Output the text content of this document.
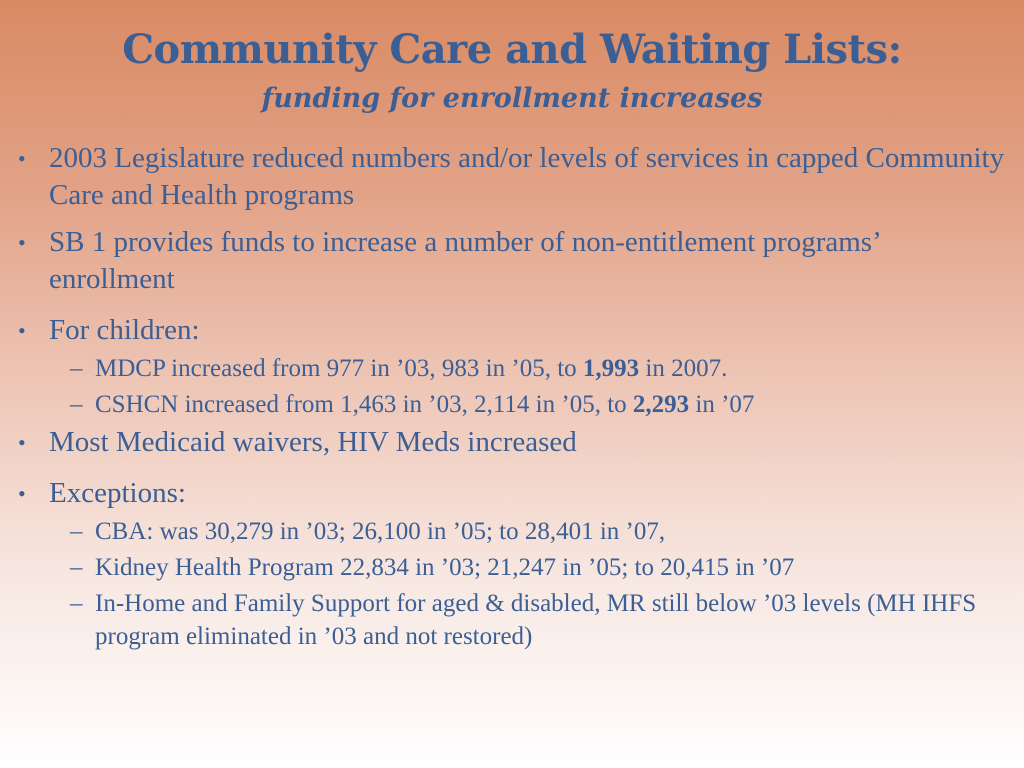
Community Care and Waiting Lists:
funding for enrollment increases
• 2003 Legislature reduced numbers and/or levels of services in capped Community Care and Health programs
• SB 1 provides funds to increase a number of non-entitlement programs’ enrollment
• For children:
– MDCP increased from 977 in ’03, 983 in ’05, to 1,993 in 2007.
– CSHCN increased from 1,463 in ’03, 2,114 in ’05, to 2,293 in ’07
• Most Medicaid waivers, HIV Meds increased
• Exceptions:
– CBA: was 30,279 in ’03; 26,100 in ’05; to 28,401 in ’07,
– Kidney Health Program 22,834 in ’03; 21,247 in ’05; to 20,415 in ’07
– In-Home and Family Support for aged & disabled, MR still below ’03 levels (MH IHFS program eliminated in ’03 and not restored)
